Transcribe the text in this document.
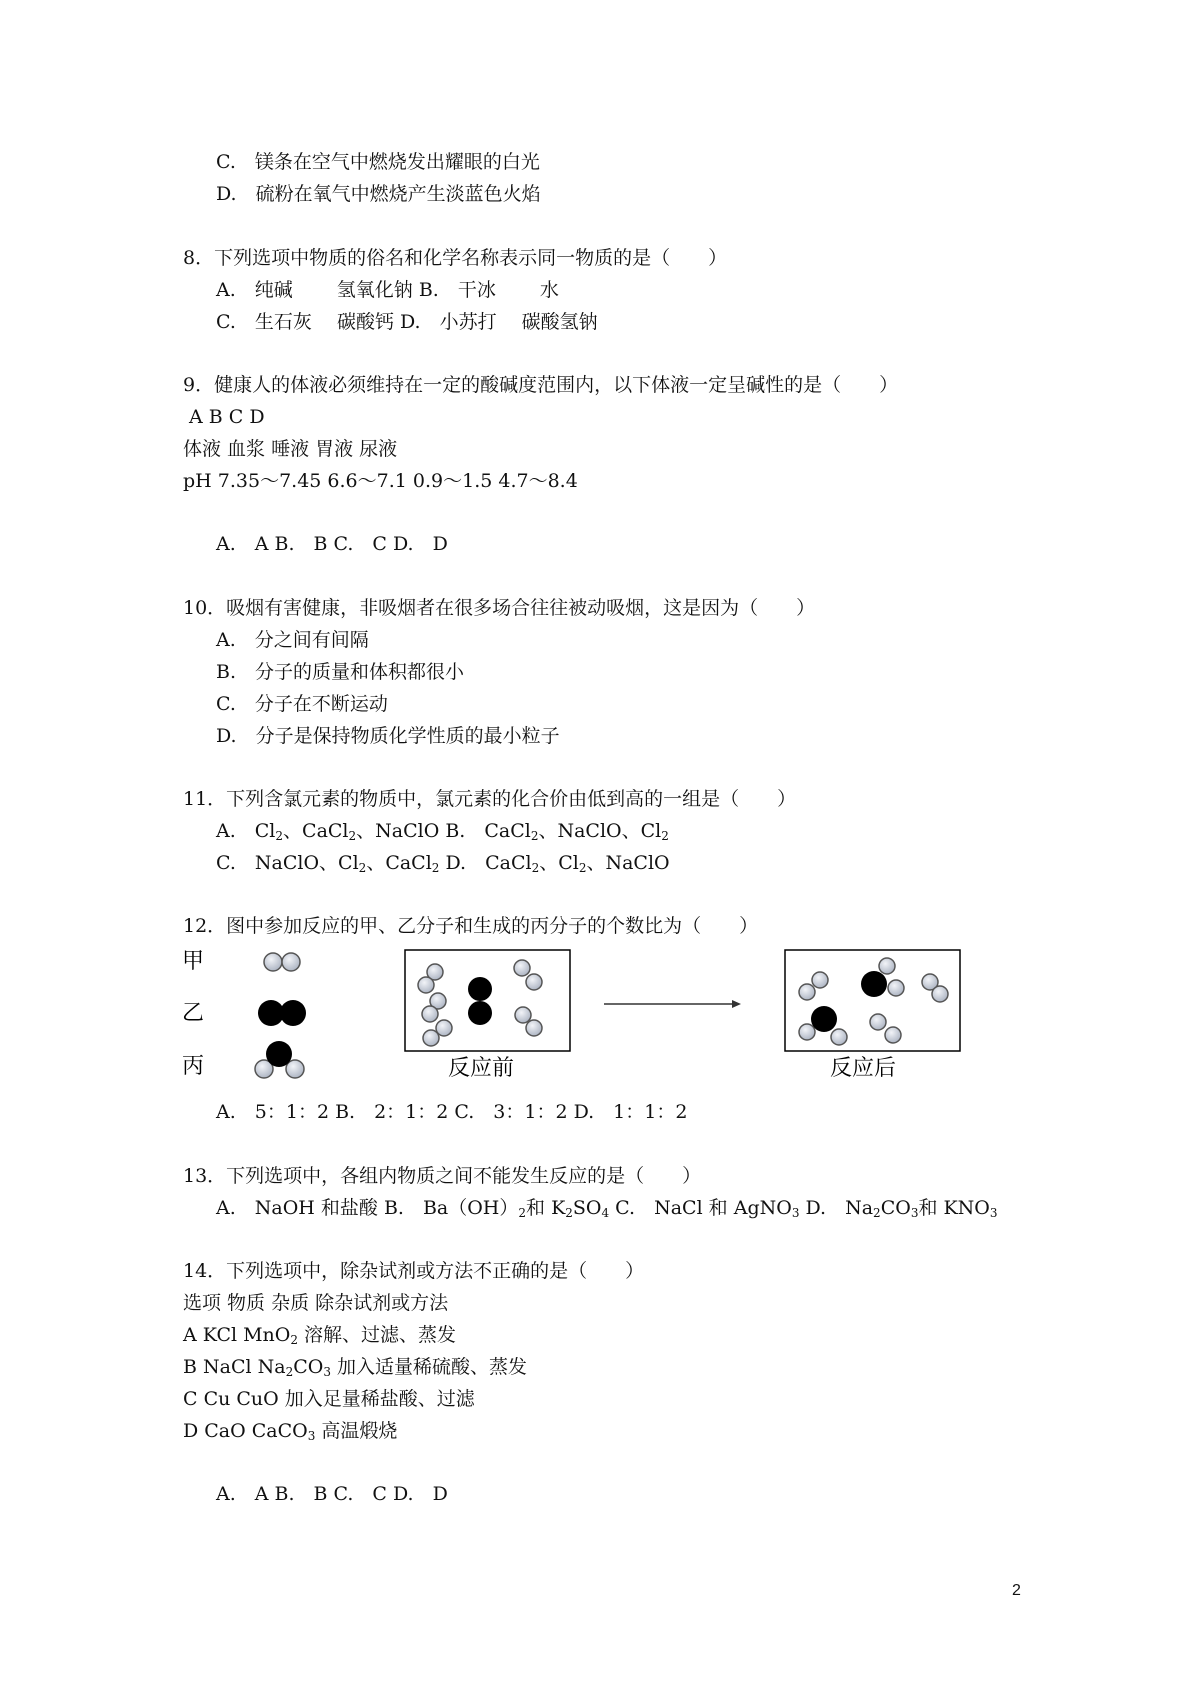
C.　镁条在空气中燃烧发出耀眼的白光
D.　硫粉在氧气中燃烧产生淡蓝色火焰
8．下列选项中物质的俗名和化学名称表示同一物质的是（　　）
A.　纯碱　　 氢氧化钠 B.　干冰　　 水
C.　生石灰　 碳酸钙 D.　小苏打　 碳酸氢钠
9．健康人的体液必须维持在一定的酸碱度范围内，以下体液一定呈碱性的是（　　）
A B C D
体液 血浆 唾液 胃液 尿液
pH 7.35～7.45 6.6～7.1 0.9～1.5 4.7～8.4
A.　A B.　B C.　C D.　D
10．吸烟有害健康，非吸烟者在很多场合往往被动吸烟，这是因为（　　）
A.　分之间有间隔
B.　分子的质量和体积都很小
C.　分子在不断运动
D.　分子是保持物质化学性质的最小粒子
11．下列含氯元素的物质中，氯元素的化合价由低到高的一组是（　　）
A.　$Cl_2$、CaCl$_2$、NaClO B.　CaCl$_2$、NaClO、$Cl_2$
C.　NaClO、$Cl_2$、CaCl$_2$ D.　CaCl$_2$、$Cl_2$、NaClO
12．图中参加反应的甲、乙分子和生成的丙分子的个数比为（　　）
甲
乙
丙	反应前	反应后
A.　5：1：2 B.　2：1：2 C.　3：1：2 D.　1：1：2
13．下列选项中，各组内物质之间不能发生反应的是（　　）
A.　NaOH 和盐酸 B.　$Ba(OH)_2$和 $K_2SO_4$ C.　NaCl 和 AgNO$_3$ D.　$Na_2CO_3$和 $KNO_3$
14．下列选项中，除杂试剂或方法不正确的是（　　）
选项 物质 杂质 除杂试剂或方法
A KCl MnO$_2$ 溶解、过滤、蒸发
B NaCl $Na_2CO_3$ 加入适量稀硫酸、蒸发
C Cu CuO 加入足量稀盐酸、过滤
D CaO CaCO$_3$ 高温煅烧
A.　A B.　B C.　C D.　D
2
